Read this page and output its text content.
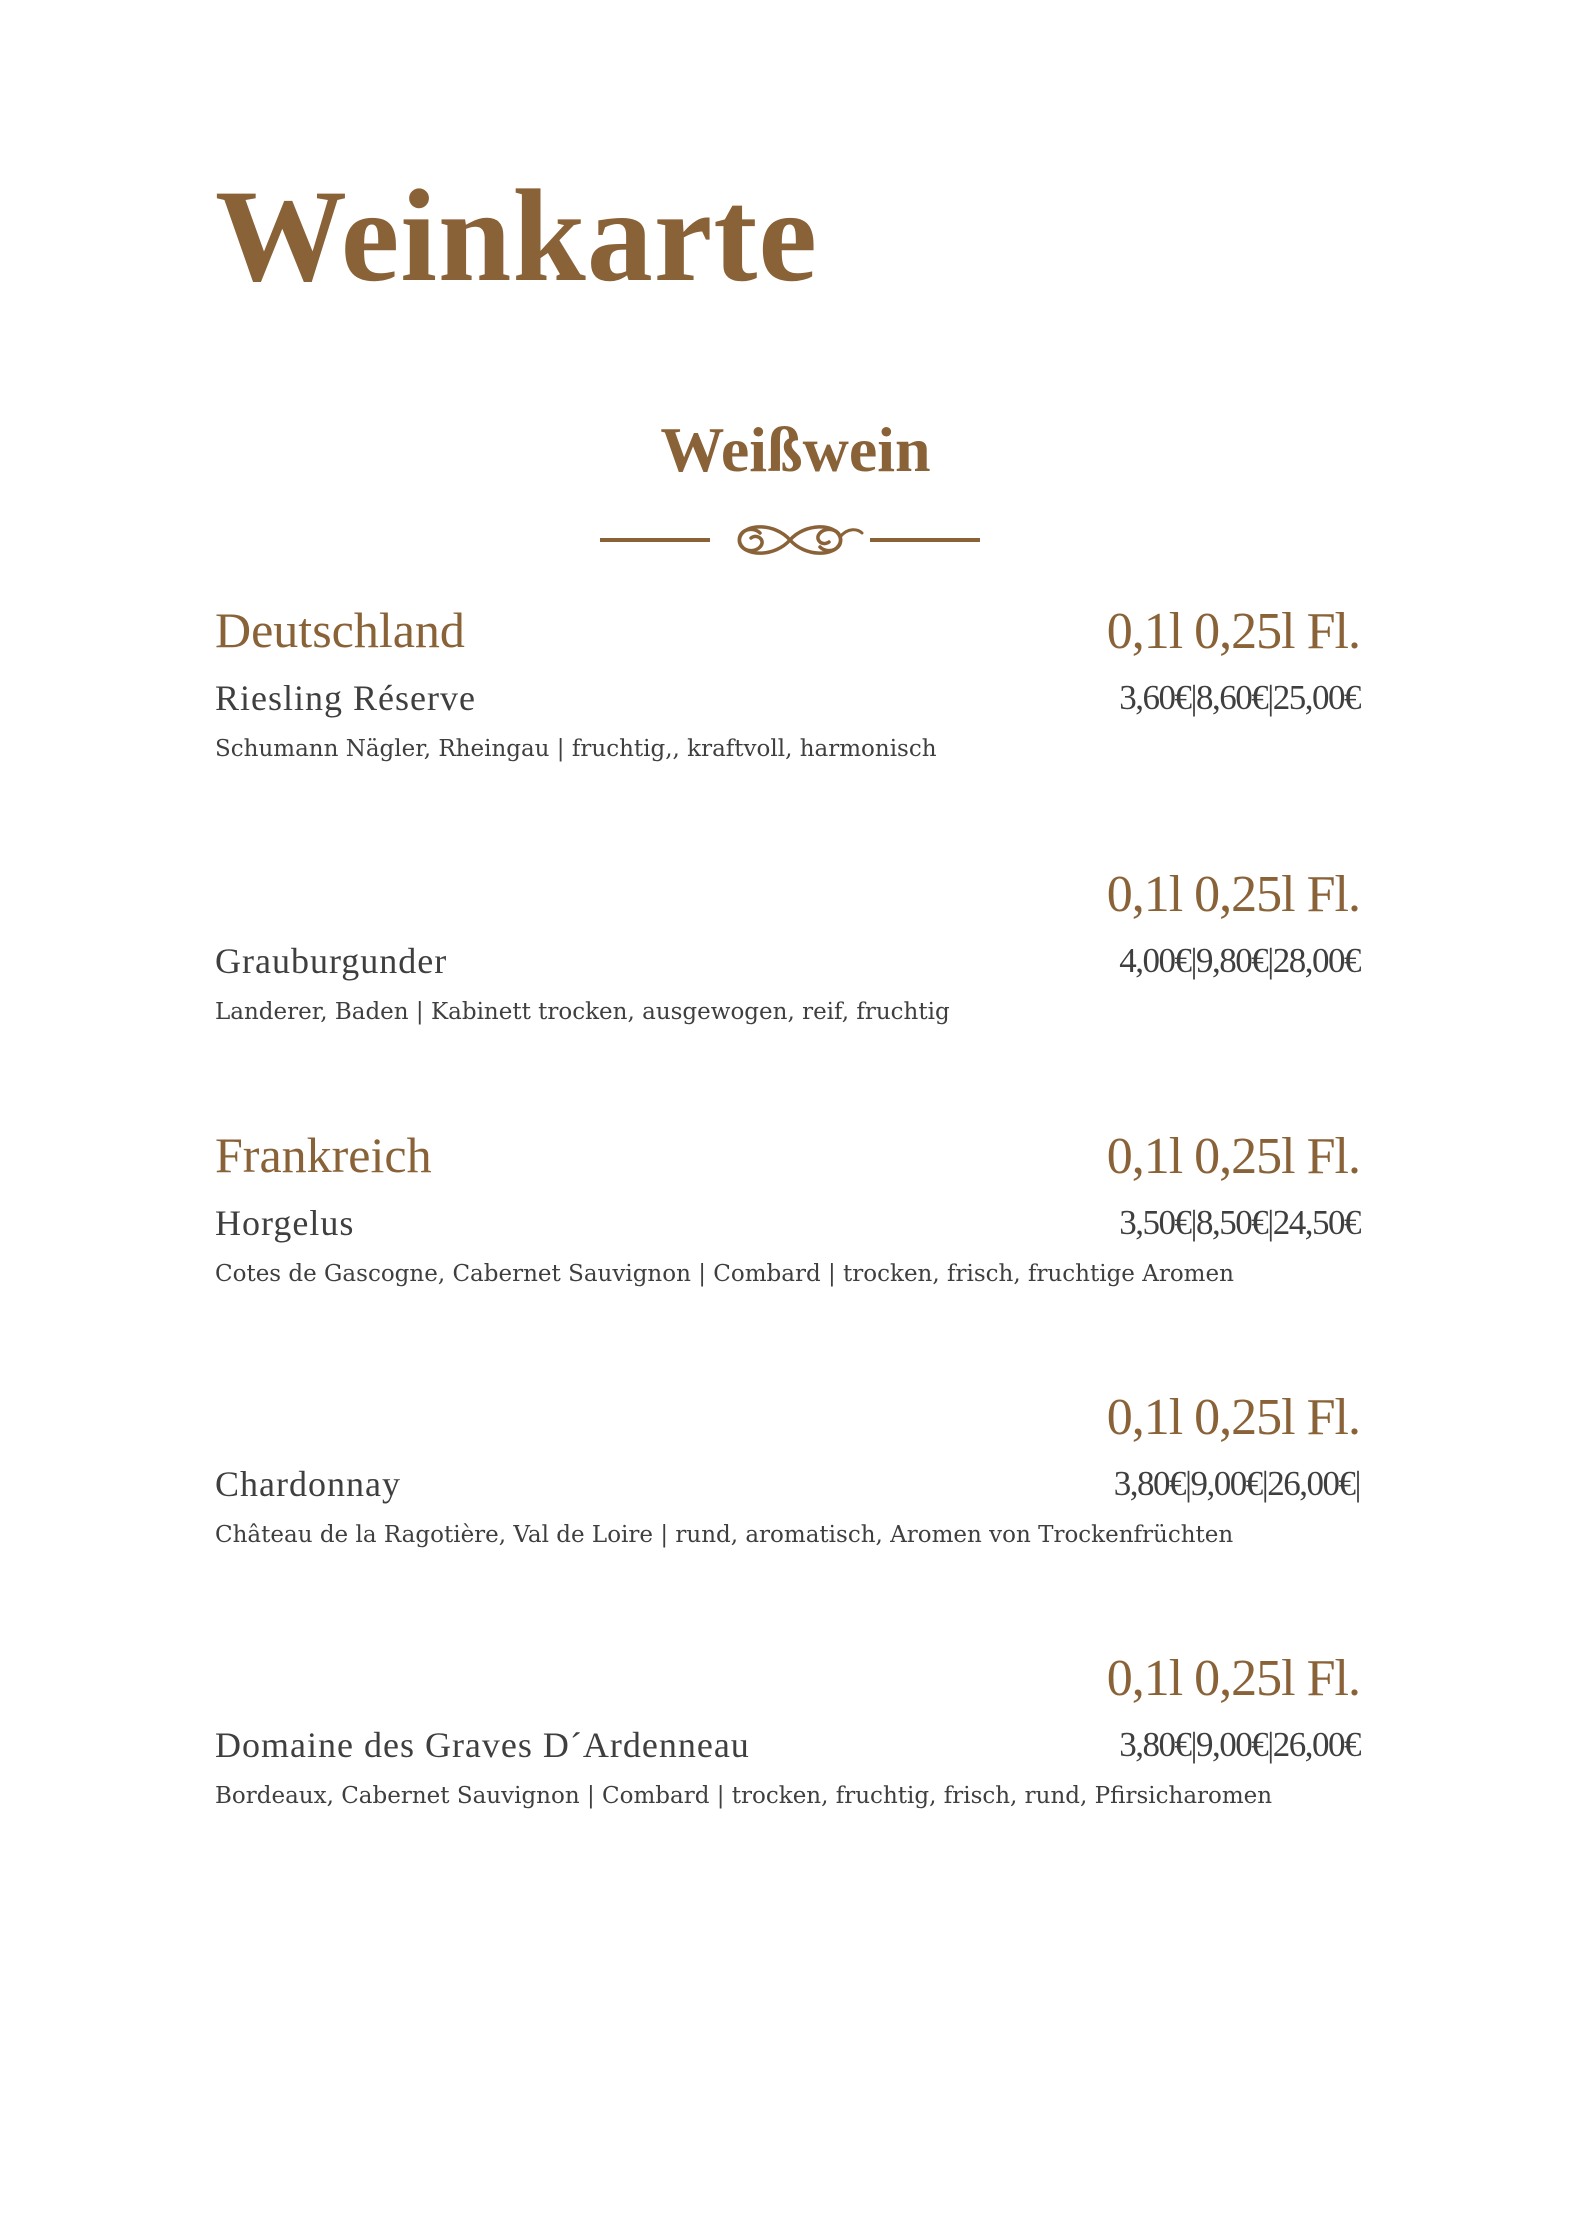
Weinkarte
Weißwein
Deutschland	0,1l 0,25l Fl.
Riesling Réserve	3,60€|8,60€|25,00€
Schumann Nägler, Rheingau | fruchtig,, kraftvoll, harmonisch
0,1l 0,25l Fl.
Grauburgunder	4,00€|9,80€|28,00€
Landerer, Baden | Kabinett trocken, ausgewogen, reif, fruchtig
Frankreich	0,1l 0,25l Fl.
Horgelus	3,50€|8,50€|24,50€
Cotes de Gascogne, Cabernet Sauvignon | Combard | trocken, frisch, fruchtige Aromen
0,1l 0,25l Fl.
Chardonnay	3,80€|9,00€|26,00€|
Château de la Ragotière, Val de Loire | rund, aromatisch, Aromen von Trockenfrüchten
0,1l 0,25l Fl.
Domaine des Graves D´Ardenneau	3,80€|9,00€|26,00€
Bordeaux, Cabernet Sauvignon | Combard | trocken, fruchtig, frisch, rund, Pfirsicharomen
